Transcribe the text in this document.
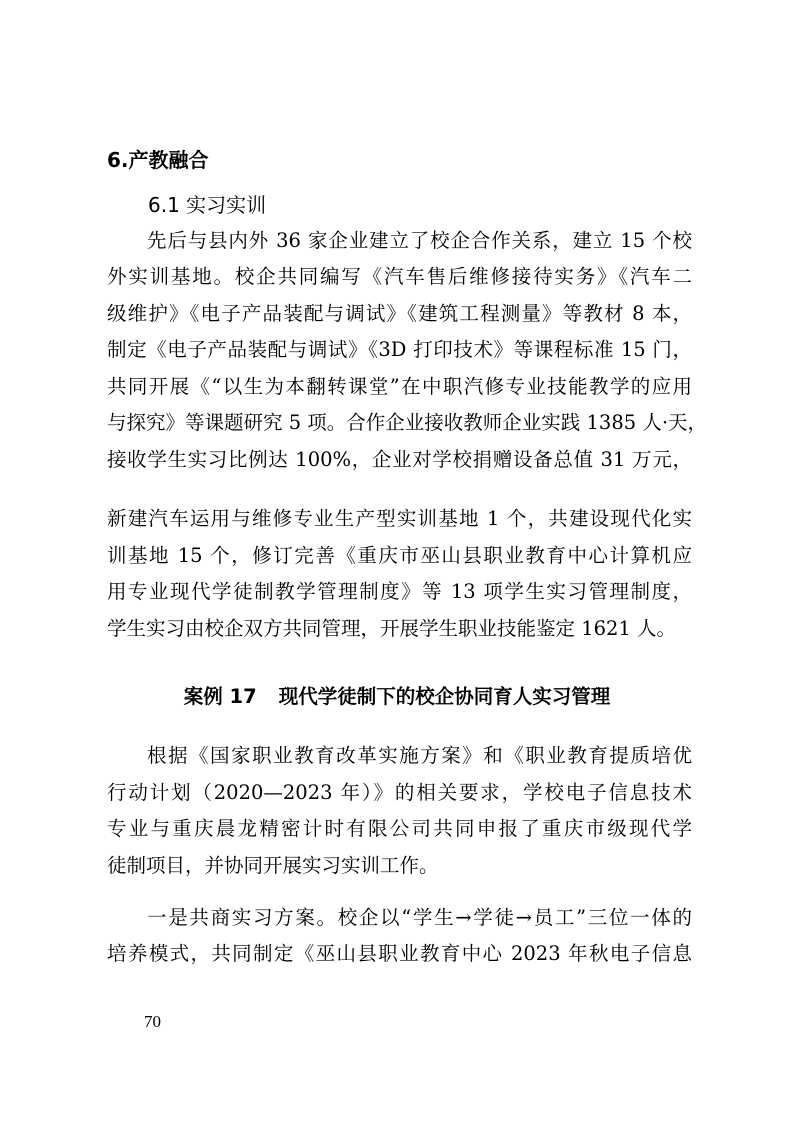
6.产教融合
6.1 实习实训
先后与县内外 36 家企业建立了校企合作关系，建立 15 个校
外实训基地。校企共同编写《汽车售后维修接待实务》《汽车二
级维护》《电子产品装配与调试》《建筑工程测量》等教材 8 本，
制定《电子产品装配与调试》《3D 打印技术》等课程标准 15 门，
共同开展《“以生为本翻转课堂”在中职汽修专业技能教学的应用
与探究》等课题研究 5 项。合作企业接收教师企业实践 1385 人·天，
接收学生实习比例达 100%，企业对学校捐赠设备总值 31 万元，
新建汽车运用与维修专业生产型实训基地 1 个，共建设现代化实
训基地 15 个，修订完善《重庆市巫山县职业教育中心计算机应
用专业现代学徒制教学管理制度》等 13 项学生实习管理制度，
学生实习由校企双方共同管理，开展学生职业技能鉴定 1621 人。
案例 17 现代学徒制下的校企协同育人实习管理
根据《国家职业教育改革实施方案》和《职业教育提质培优
行动计划（2020—2023 年）》的相关要求，学校电子信息技术
专业与重庆晨龙精密计时有限公司共同申报了重庆市级现代学
徒制项目，并协同开展实习实训工作。
一是共商实习方案。校企以“学生→学徒→员工”三位一体的
培养模式，共同制定《巫山县职业教育中心 2023 年秋电子信息
70
